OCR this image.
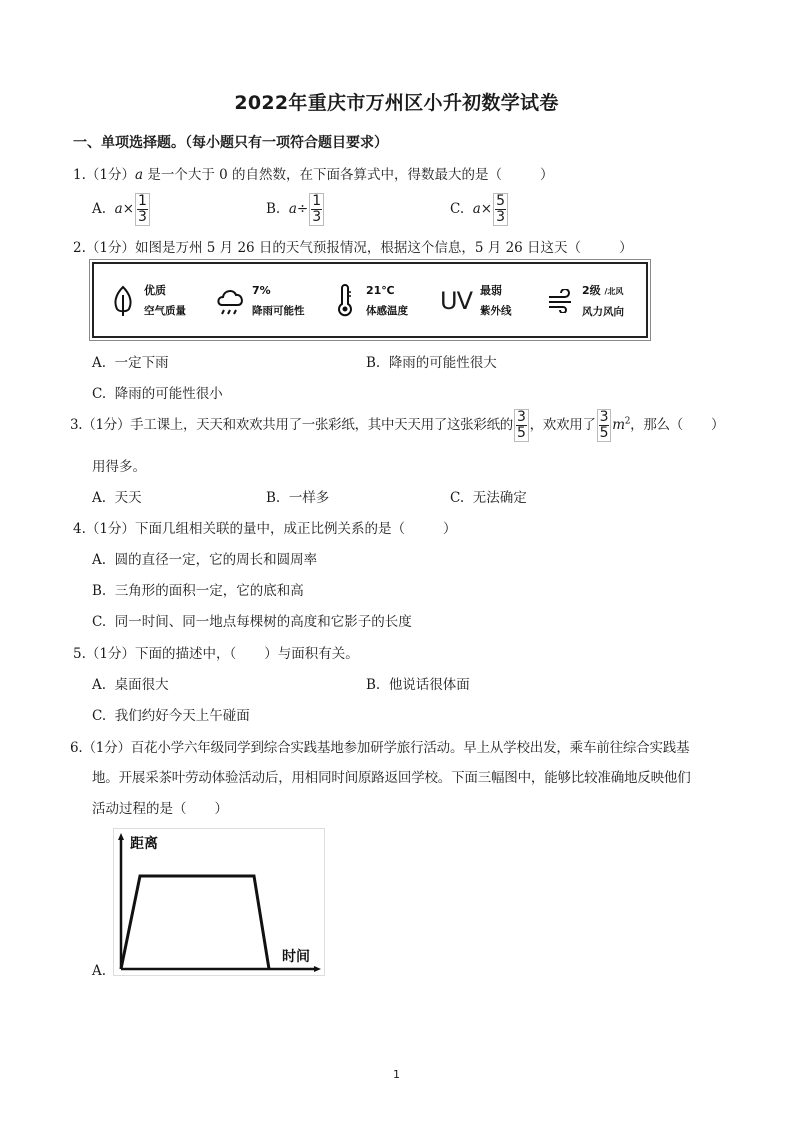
2022年重庆市万州区小升初数学试卷
一、单项选择题。（每小题只有一项符合题目要求）
1.（1分）a 是一个大于 0 的自然数，在下面各算式中，得数最大的是（	）
A. $a\times \frac{1}{3}$	B. $a\div \frac{1}{3}$	C. $a\times \frac{5}{3}$
2.（1分）如图是万州 5 月 26 日的天气预报情况，根据这个信息，5 月 26 日这天（	）
优质
空气质量
7%
降雨可能性
21℃
体感温度 UV 最弱
紫外线
2级 /北风
风力风向
A. 一定下雨	B. 降雨的可能性很大
C. 降雨的可能性很小
3.（1分）手工课上，天天和欢欢共用了一张彩纸，其中天天用了这张彩纸的 $\frac{3}{5}$ ，欢欢用了 $\frac{3}{5} m^2$，那么（ ）
用得多。
A. 天天	B. 一样多	C. 无法确定
4.（1分）下面几组相关联的量中，成正比例关系的是（	）
A. 圆的直径一定，它的周长和圆周率
B. 三角形的面积一定，它的底和高
C. 同一时间、同一地点每棵树的高度和它影子的长度
5.（1分）下面的描述中，（ ）与面积有关。
A. 桌面很大	B. 他说话很体面
C. 我们约好今天上午碰面
6.（1分）百花小学六年级同学到综合实践基地参加研学旅行活动。早上从学校出发，乘车前往综合实践基
地。开展采茶叶劳动体验活动后，用相同时间原路返回学校。下面三幅图中，能够比较准确地反映他们
活动过程的是（ ）
A.
距离
时间
1
